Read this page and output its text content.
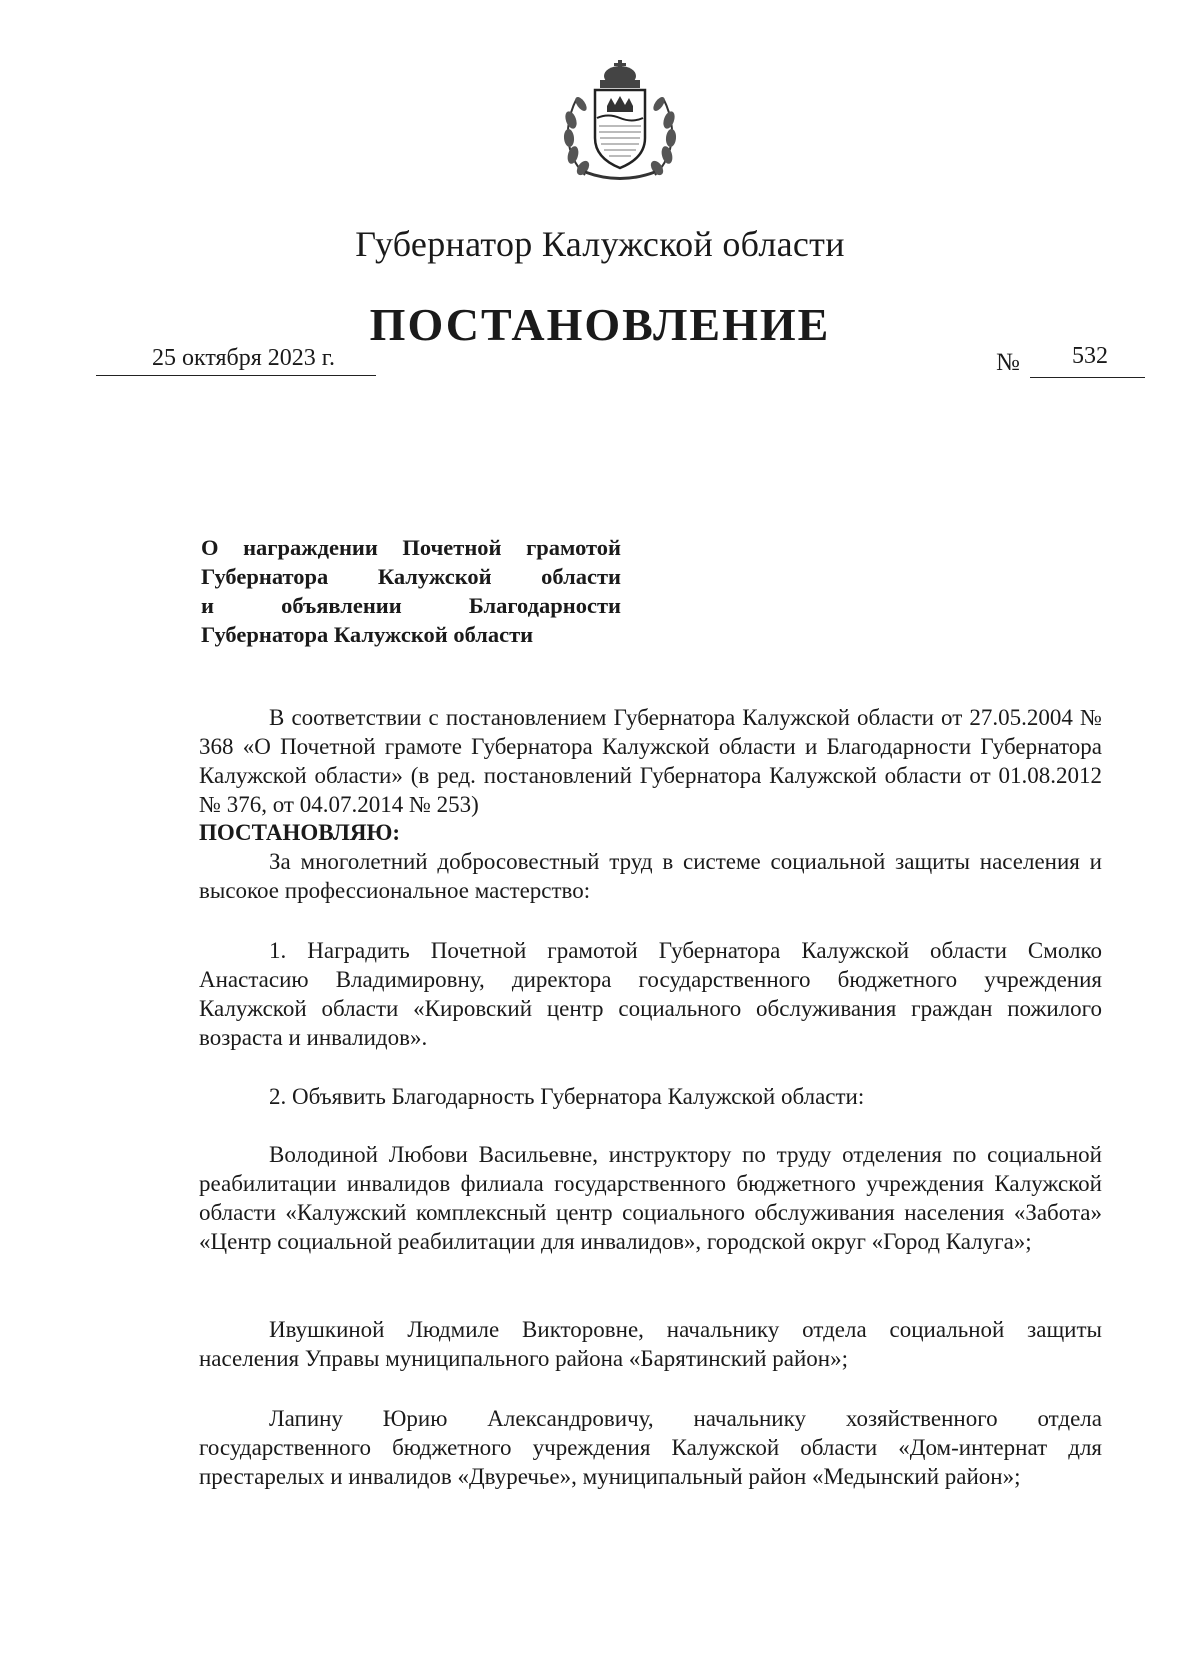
Губернатор Калужской области
ПОСТАНОВЛЕНИЕ
25 октября 2023 г.	№ 532
О награждении Почетной грамотой
Губернатора Калужской области
и объявлении Благодарности
Губернатора Калужской области

В соответствии с постановлением Губернатора Калужской области от 27.05.2004 № 368 «О Почетной грамоте Губернатора Калужской области и Благодарности Губернатора Калужской области» (в ред. постановлений Губернатора Калужской области от 01.08.2012 № 376, от 04.07.2014 № 253)

ПОСТАНОВЛЯЮ:

За многолетний добросовестный труд в системе социальной защиты населения и высокое профессиональное мастерство:

1. Наградить Почетной грамотой Губернатора Калужской области Смолко Анастасию Владимировну, директора государственного бюджетного учреждения Калужской области «Кировский центр социального обслуживания граждан пожилого возраста и инвалидов».

2. Объявить Благодарность Губернатора Калужской области:

Володиной Любови Васильевне, инструктору по труду отделения по социальной реабилитации инвалидов филиала государственного бюджетного учреждения Калужской области «Калужский комплексный центр социального обслуживания населения «Забота» «Центр социальной реабилитации для инвалидов», городской округ «Город Калуга»;

Ивушкиной Людмиле Викторовне, начальнику отдела социальной защиты населения Управы муниципального района «Барятинский район»;

Лапину Юрию Александровичу, начальнику хозяйственного отдела государственного бюджетного учреждения Калужской области «Дом-интернат для престарелых и инвалидов «Двуречье», муниципальный район «Медынский район»;
